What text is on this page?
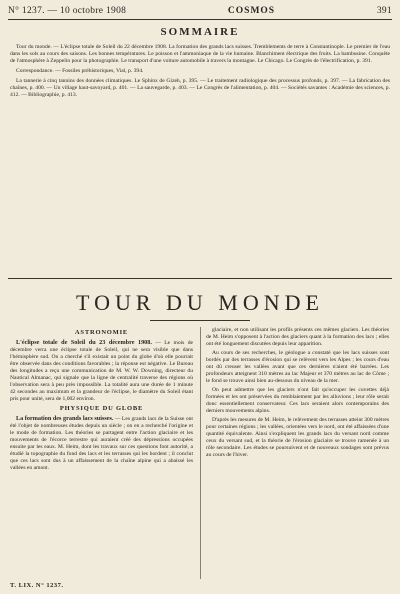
N° 1237. — 10 octobre 1908	COSMOS	391
SOMMAIRE

Tour du monde. — L'éclipse totale de Soleil du 22 décembre 1908. La formation des grands lacs suisses. Tremblements de terre à Constantinople. Le premier de l'eau dans les sols au cours des saisons. Les bonnes températures. Le poisson et l'ammoniaque de la vie humaine. Blanchiment électrique des fruits. La bambusine. Conquête de l'atmosphère à Zeppelin pour la photographie. Le transport d'une voiture automobile à travers la montagne. Le Chicago. Le Congrès de l'électrification, p. 391.

Correspondance. — Fossiles préhistoriques, Vial, p. 394.

La tannerie à cinq tannins des données climatiques. Le Sphinx de Gizeh, p. 395. — Le traitement radiologique des processus profonds, p. 397. — La fabrication des chaînes, p. 400. — Un village haut-savoyard, p. 401. — La sauvegarde, p. 403. — Le Congrès de l'alimentation, p. 404. — Sociétés savantes : Académie des sciences, p. 412. — Bibliographie, p. 413.

TOUR DU MONDE
ASTRONOMIE

L'éclipse totale de Soleil du 23 décembre 1908. — Le mois de décembre verra une éclipse totale de Soleil, qui ne sera visible que dans l'hémisphère sud. On a cherché s'il existait un point du globe d'où elle pourrait être observée dans des conditions favorables ; la réponse est négative. Le Bureau des longitudes a reçu une communication de M. W. W. Downing, directeur du Nautical Almanac, qui signale que la ligne de centralité traverse des régions où l'observation sera à peu près impossible. La totalité aura une durée de 1 minute 42 secondes au maximum et la grandeur de l'éclipse, le diamètre du Soleil étant pris pour unité, sera de 1,002 environ.

PHYSIQUE DU GLOBE

La formation des grands lacs suisses. — Les grands lacs de la Suisse ont été l'objet de nombreuses études depuis un siècle ; on en a recherché l'origine et le mode de formation. Les théories se partagent entre l'action glaciaire et les mouvements de l'écorce terrestre qui auraient créé des dépressions occupées ensuite par les eaux. M. Heim, dont les travaux sur ces questions font autorité, a étudié la topographie du fond des lacs et les terrasses qui les bordent ; il conclut que ces lacs sont dus à un affaissement de la chaîne alpine qui a abaissé les vallées en amont.

glaciaire, et non utilisant les profils présents ces mêmes glaciers. Les théories de M. Heim s'opposent à l'action des glaciers quant à la formation des lacs ; elles ont été longuement discutées depuis leur apparition.

Au cours de ses recherches, le géologue a constaté que les lacs suisses sont bordés par des terrasses d'érosion qui se relèvent vers les Alpes ; les cours d'eau ont dû creuser les vallées avant que ces dernières n'aient été barrées. Les profondeurs atteignent 310 mètres au lac Majeur et 370 mètres au lac de Côme ; le fond se trouve ainsi bien au-dessous du niveau de la mer.

On peut admettre que les glaciers n'ont fait qu'occuper les cuvettes déjà formées et les ont préservées du remblaiement par les alluvions ; leur rôle serait donc essentiellement conservateur. Ces lacs seraient alors contemporains des derniers mouvements alpins.

D'après les mesures de M. Heim, le relèvement des terrasses atteint 300 mètres pour certaines régions ; les vallées, orientées vers le nord, ont été affaissées d'une quantité équivalente. Ainsi s'expliquent les grands lacs du versant nord comme ceux du versant sud, et la théorie de l'érosion glaciaire se trouve ramenée à un rôle secondaire. Les études se poursuivent et de nouveaux sondages sont prévus au cours de l'hiver.

T. LIX. N° 1237.
